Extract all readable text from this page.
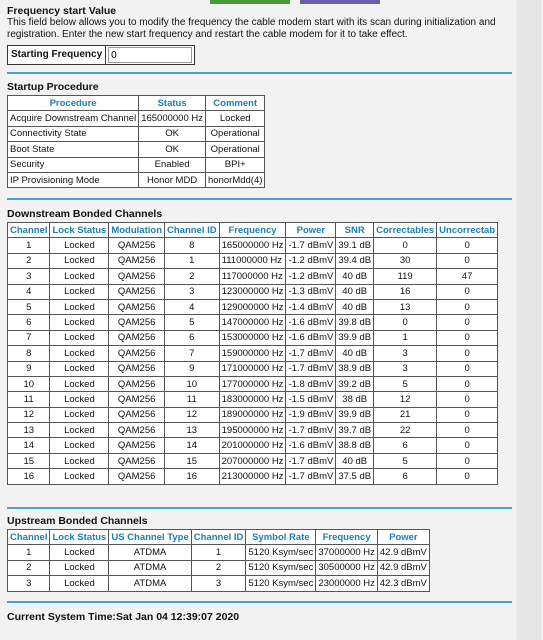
Frequency start Value
This field below allows you to modify the frequency the cable modem start with its scan during initialization and registration. Enter the new start frequency and restart the cable modem for it to take effect.
Starting Frequency
0
Startup Procedure
Procedure	Status	Comment
Acquire Downstream Channel	165000000 Hz	Locked
Connectivity State	OK	Operational
Boot State	OK	Operational
Security	Enabled	BPI+
IP Provisioning Mode	Honor MDD	honorMdd(4)
Downstream Bonded Channels
Channel	Lock Status	Modulation	Channel ID	Frequency	Power	SNR	Correctables	Uncorrectab
1	Locked	QAM256	8	165000000 Hz	-1.7 dBmV	39.1 dB	0	0
2	Locked	QAM256	1	111000000 Hz	-1.2 dBmV	39.4 dB	30	0
3	Locked	QAM256	2	117000000 Hz	-1.2 dBmV	40 dB	119	47
4	Locked	QAM256	3	123000000 Hz	-1.3 dBmV	40 dB	16	0
5	Locked	QAM256	4	129000000 Hz	-1.4 dBmV	40 dB	13	0
6	Locked	QAM256	5	147000000 Hz	-1.6 dBmV	39.8 dB	0	0
7	Locked	QAM256	6	153000000 Hz	-1.6 dBmV	39.9 dB	1	0
8	Locked	QAM256	7	159000000 Hz	-1.7 dBmV	40 dB	3	0
9	Locked	QAM256	9	171000000 Hz	-1.7 dBmV	38.9 dB	3	0
10	Locked	QAM256	10	177000000 Hz	-1.8 dBmV	39.2 dB	5	0
11	Locked	QAM256	11	183000000 Hz	-1.5 dBmV	38 dB	12	0
12	Locked	QAM256	12	189000000 Hz	-1.9 dBmV	39.9 dB	21	0
13	Locked	QAM256	13	195000000 Hz	-1.7 dBmV	39.7 dB	22	0
14	Locked	QAM256	14	201000000 Hz	-1.6 dBmV	38.8 dB	6	0
15	Locked	QAM256	15	207000000 Hz	-1.7 dBmV	40 dB	5	0
16	Locked	QAM256	16	213000000 Hz	-1.7 dBmV	37.5 dB	6	0
Upstream Bonded Channels
Channel	Lock Status	US Channel Type	Channel ID	Symbol Rate	Frequency	Power
1	Locked	ATDMA	1	5120 Ksym/sec	37000000 Hz	42.9 dBmV
2	Locked	ATDMA	2	5120 Ksym/sec	30500000 Hz	42.9 dBmV
3	Locked	ATDMA	3	5120 Ksym/sec	23000000 Hz	42.3 dBmV
Current System Time:Sat Jan 04 12:39:07 2020
